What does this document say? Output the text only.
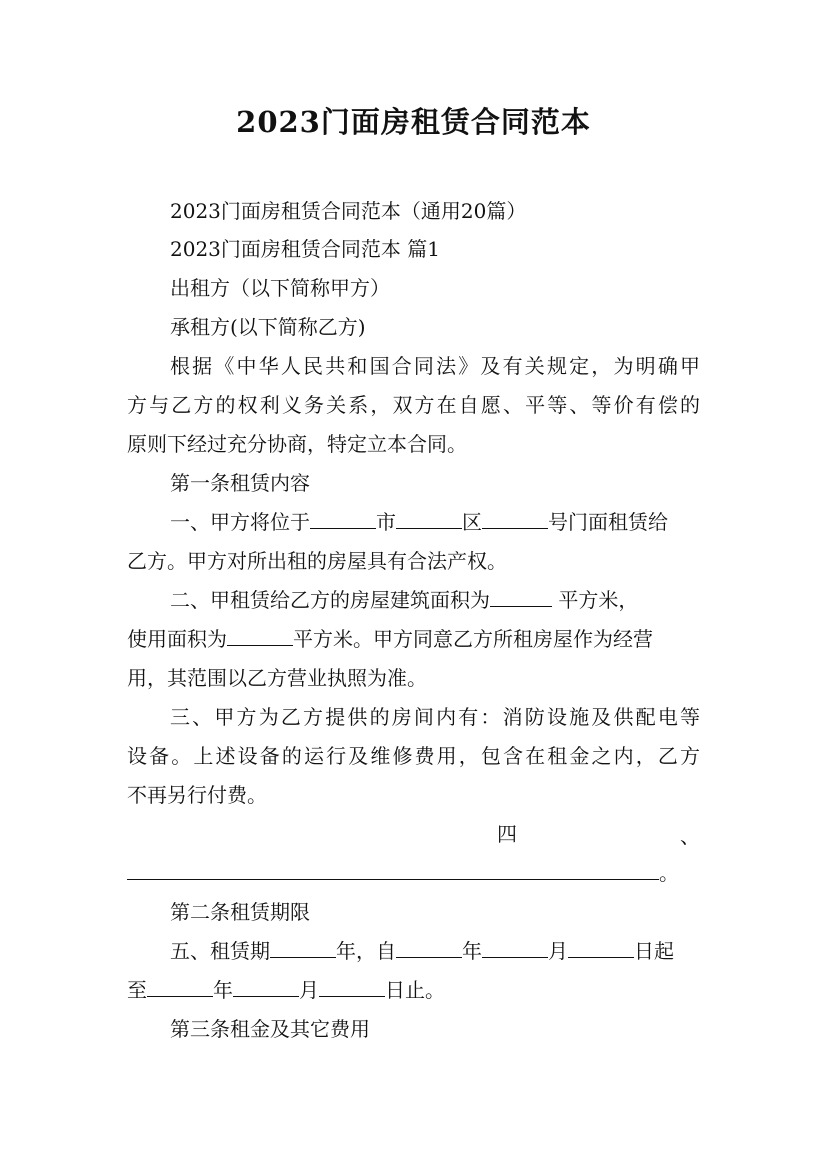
2023门面房租赁合同范本
2023门面房租赁合同范本（通用20篇）
2023门面房租赁合同范本 篇1
出租方（以下简称甲方）
承租方(以下简称乙方)
根据《中华人民共和国合同法》及有关规定，为明确甲
方与乙方的权利义务关系，双方在自愿、平等、等价有偿的
原则下经过充分协商，特定立本合同。
第一条租赁内容
一、甲方将位于	市	区	号门面租赁给
乙方。甲方对所出租的房屋具有合法产权。
二、甲租赁给乙方的房屋建筑面积为	平方米，
使用面积为	平方米。甲方同意乙方所租房屋作为经营
用，其范围以乙方营业执照为准。
三、甲方为乙方提供的房间内有：消防设施及供配电等
设备。上述设备的运行及维修费用，包含在租金之内，乙方
不再另行付费。
四	、
。
第二条租赁期限
五、租赁期	年，自	年	月	日起
至	年	月	日止。
第三条租金及其它费用
